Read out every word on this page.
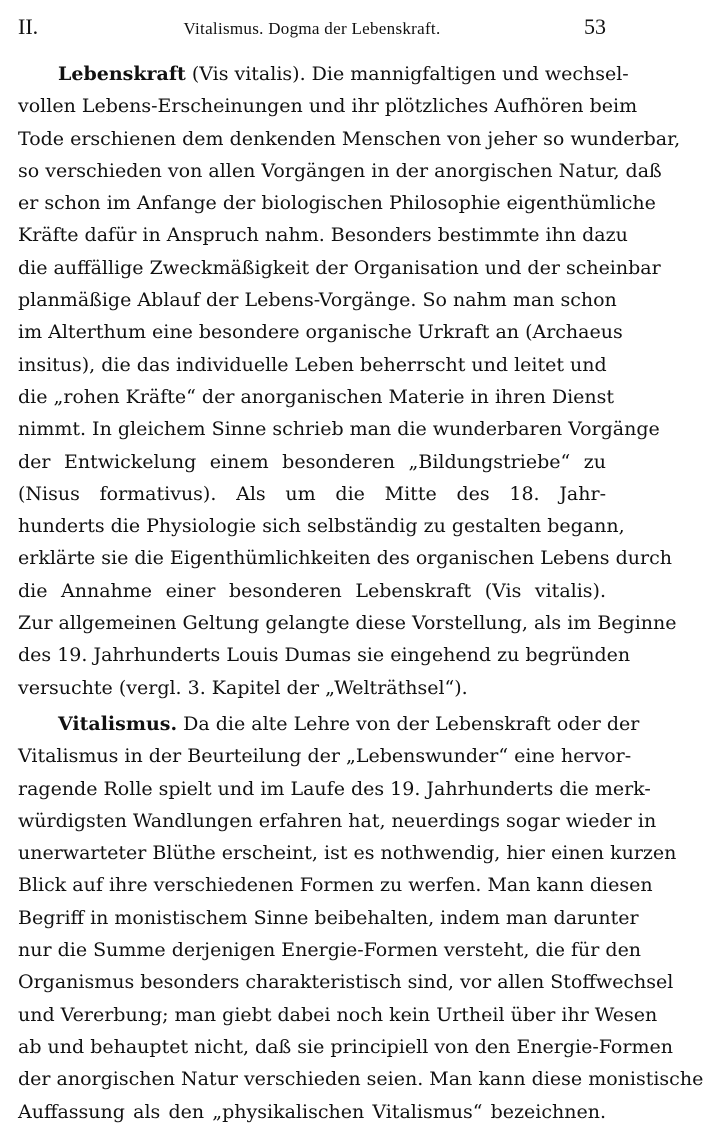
II.	Vitalismus. Dogma der Lebenskraft.	53
Lebenskraft (Vis vitalis). Die mannigfaltigen und wechsel-
vollen Lebens-Erscheinungen und ihr plötzliches Aufhören beim
Tode erschienen dem denkenden Menschen von jeher so wunderbar,
so verschieden von allen Vorgängen in der anorgischen Natur, daß
er schon im Anfange der biologischen Philosophie eigenthümliche
Kräfte dafür in Anspruch nahm. Besonders bestimmte ihn dazu
die auffällige Zweckmäßigkeit der Organisation und der scheinbar
planmäßige Ablauf der Lebens-Vorgänge. So nahm man schon
im Alterthum eine besondere organische Urkraft an (Archaeus
insitus), die das individuelle Leben beherrscht und leitet und
die „rohen Kräfte“ der anorganischen Materie in ihren Dienst
nimmt. In gleichem Sinne schrieb man die wunderbaren Vorgänge
der Entwickelung einem besonderen „Bildungstriebe“ zu
(Nisus formativus). Als um die Mitte des 18. Jahr-
hunderts die Physiologie sich selbständig zu gestalten begann,
erklärte sie die Eigenthümlichkeiten des organischen Lebens durch
die Annahme einer besonderen Lebenskraft (Vis vitalis).
Zur allgemeinen Geltung gelangte diese Vorstellung, als im Beginne
des 19. Jahrhunderts Louis Dumas sie eingehend zu begründen
versuchte (vergl. 3. Kapitel der „Welträthsel“).
Vitalismus. Da die alte Lehre von der Lebenskraft oder der
Vitalismus in der Beurteilung der „Lebenswunder“ eine hervor-
ragende Rolle spielt und im Laufe des 19. Jahrhunderts die merk-
würdigsten Wandlungen erfahren hat, neuerdings sogar wieder in
unerwarteter Blüthe erscheint, ist es nothwendig, hier einen kurzen
Blick auf ihre verschiedenen Formen zu werfen. Man kann diesen
Begriff in monistischem Sinne beibehalten, indem man darunter
nur die Summe derjenigen Energie-Formen versteht, die für den
Organismus besonders charakteristisch sind, vor allen Stoffwechsel
und Vererbung; man giebt dabei noch kein Urtheil über ihr Wesen
ab und behauptet nicht, daß sie principiell von den Energie-Formen
der anorgischen Natur verschieden seien. Man kann diese monistische
Auffassung als den „physikalischen Vitalismus“ bezeichnen.
